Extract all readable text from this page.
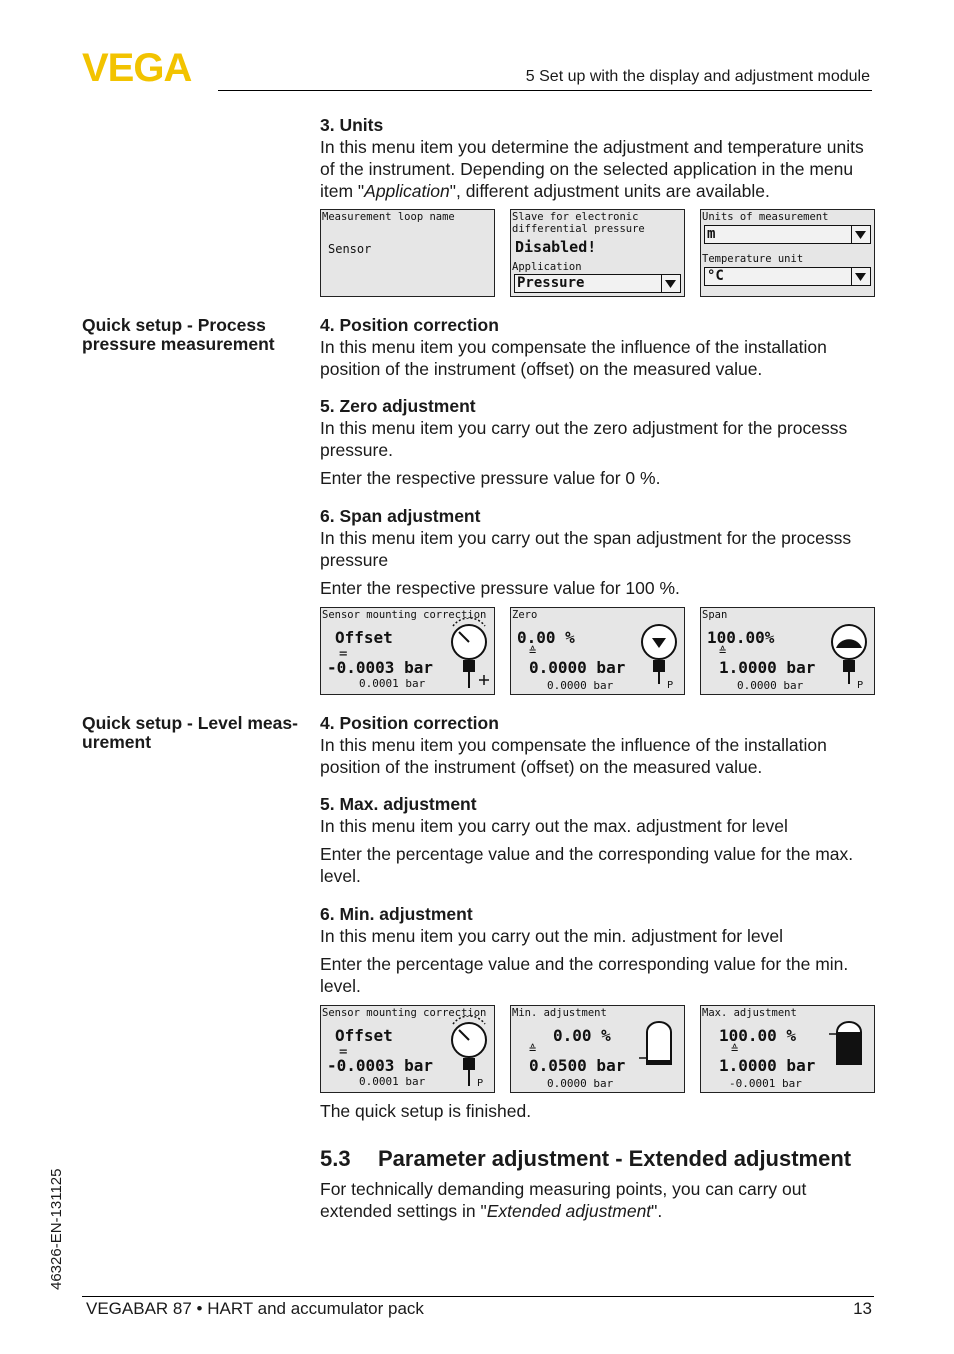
VEGA	5 Set up with the display and adjustment module
3. Units

In this menu item you determine the adjustment and temperature units of the instrument. Depending on the selected application in the menu item "Application", different adjustment units are available.

Measurement loop name
Sensor
Slave for electronic differential pressure
Disabled!
Application
Pressure
Units of measurement
m
Temperature unit
°C
Quick setup - Process pressure measurement
4. Position correction

In this menu item you compensate the influence of the installation position of the instrument (offset) on the measured value.

5. Zero adjustment

In this menu item you carry out the zero adjustment for the processs pressure.

Enter the respective pressure value for 0 %.

6. Span adjustment

In this menu item you carry out the span adjustment for the processs pressure

Enter the respective pressure value for 100 %.

Sensor mounting correction
Offset
=
-0.0003 bar
0.0001 bar
Zero
0.00 %
≙
0.0000 bar
0.0000 bar	P
Span
100.00%
≙
1.0000 bar
0.0000 bar	P
Quick setup - Level meas- urement
4. Position correction

In this menu item you compensate the influence of the installation position of the instrument (offset) on the measured value.

5. Max. adjustment

In this menu item you carry out the max. adjustment for level

Enter the percentage value and the corresponding value for the max. level.

6. Min. adjustment

In this menu item you carry out the min. adjustment for level

Enter the percentage value and the corresponding value for the min. level.

Sensor mounting correction
Offset
=
-0.0003 bar
0.0001 bar	P
Min. adjustment
0.00 %
≙
0.0500 bar
0.0000 bar
Max. adjustment
100.00 %
≙
1.0000 bar
-0.0001 bar
The quick setup is finished.
5.3 Parameter adjustment - Extended adjustment
For technically demanding measuring points, you can carry out extended settings in "Extended adjustment".
46326-EN-131125
VEGABAR 87 • HART and accumulator pack	13
